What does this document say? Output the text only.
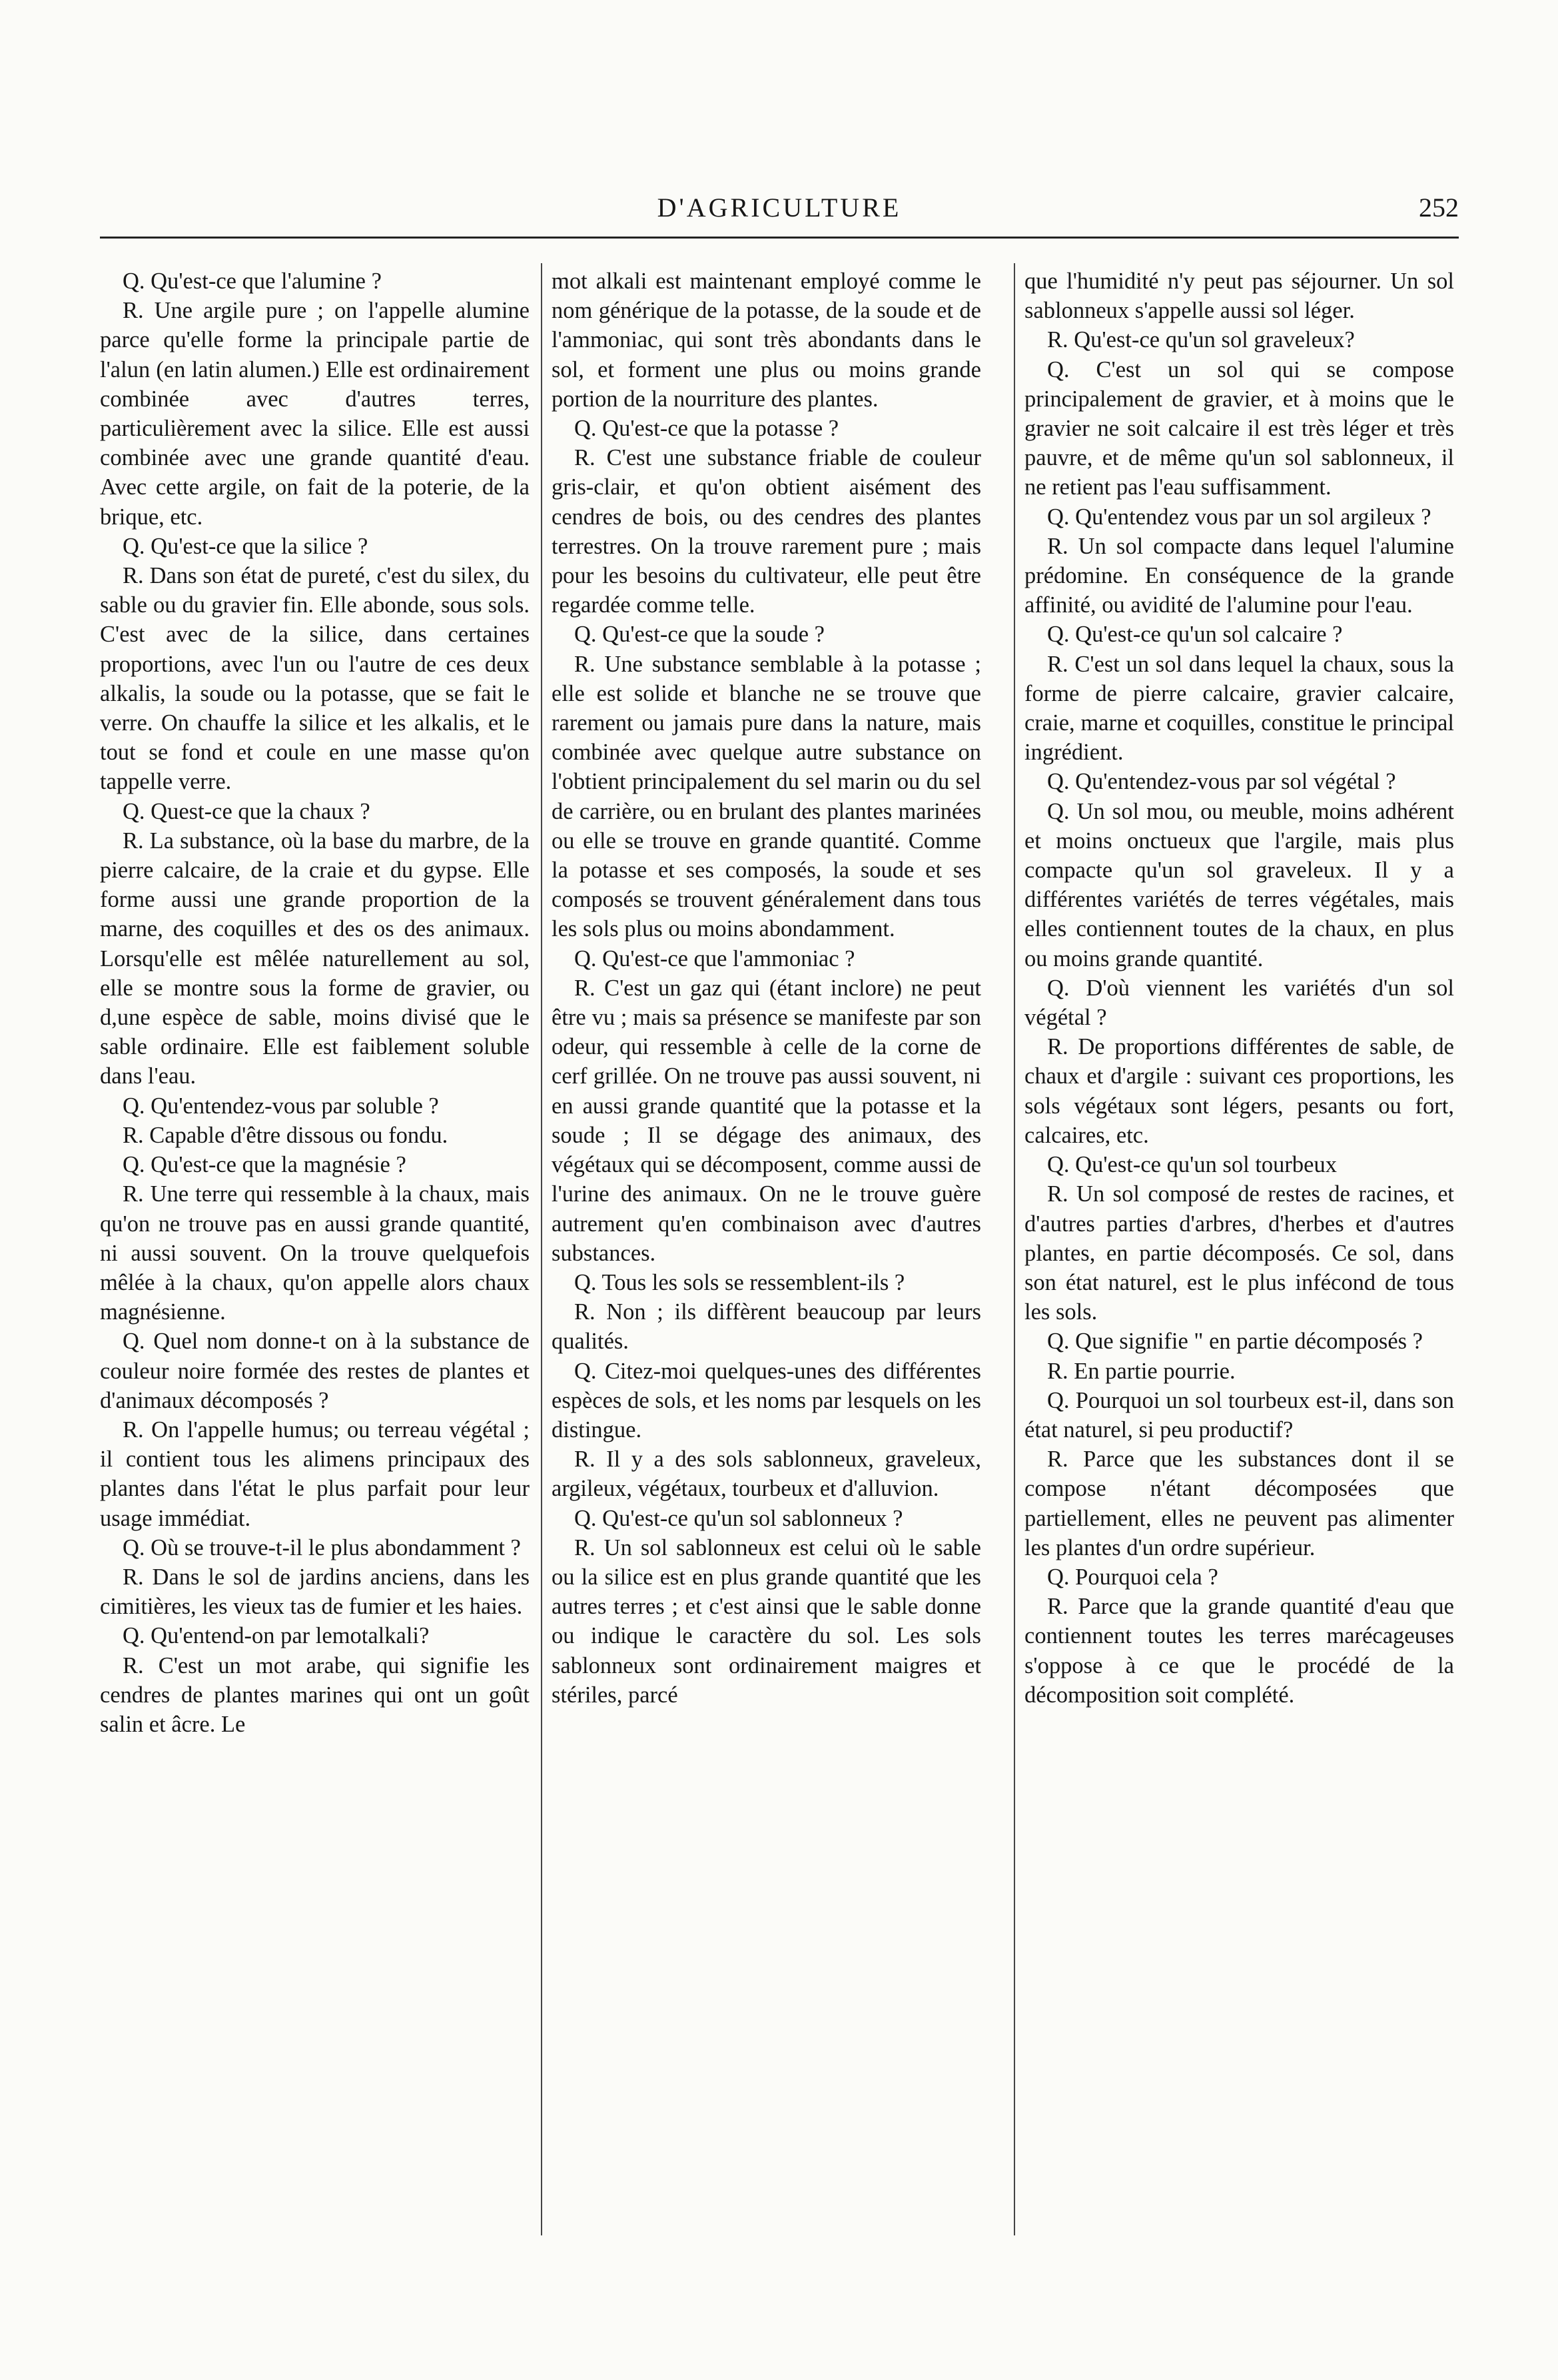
D'AGRICULTURE	252

Q. Qu'est-ce que l'alumine ?

R. Une argile pure ; on l'appelle alumine parce qu'elle forme la principale partie de l'alun (en latin alumen.) Elle est ordinairement combinée avec d'autres terres, particulièrement avec la silice. Elle est aussi combinée avec une grande quantité d'eau. Avec cette argile, on fait de la poterie, de la brique, etc.

Q. Qu'est-ce que la silice ?

R. Dans son état de pureté, c'est du silex, du sable ou du gravier fin. Elle abonde, sous sols. C'est avec de la silice, dans certaines proportions, avec l'un ou l'autre de ces deux alkalis, la soude ou la potasse, que se fait le verre. On chauffe la silice et les alkalis, et le tout se fond et coule en une masse qu'on tappelle verre.

Q. Quest-ce que la chaux ?

R. La substance, où la base du marbre, de la pierre calcaire, de la craie et du gypse. Elle forme aussi une grande proportion de la marne, des coquilles et des os des animaux. Lorsqu'elle est mêlée naturellement au sol, elle se montre sous la forme de gravier, ou d,une espèce de sable, moins divisé que le sable ordinaire. Elle est faiblement soluble dans l'eau.

Q. Qu'entendez-vous par soluble ?

R. Capable d'être dissous ou fondu.

Q. Qu'est-ce que la magnésie ?

R. Une terre qui ressemble à la chaux, mais qu'on ne trouve pas en aussi grande quantité, ni aussi souvent. On la trouve quelquefois mêlée à la chaux, qu'on appelle alors chaux magnésienne.

Q. Quel nom donne-t on à la substance de couleur noire formée des restes de plantes et d'animaux décomposés ?

R. On l'appelle humus; ou terreau végétal ; il contient tous les alimens principaux des plantes dans l'état le plus parfait pour leur usage immédiat.

Q. Où se trouve-t-il le plus abondamment ?

R. Dans le sol de jardins anciens, dans les cimitières, les vieux tas de fumier et les haies.

Q. Qu'entend-on par lemotalkali?

R. C'est un mot arabe, qui signifie les cendres de plantes marines qui ont un goût salin et âcre. Le

mot alkali est maintenant employé comme le nom générique de la potasse, de la soude et de l'ammoniac, qui sont très abondants dans le sol, et forment une plus ou moins grande portion de la nourriture des plantes.

Q. Qu'est-ce que la potasse ?

R. C'est une substance friable de couleur gris-clair, et qu'on obtient aisément des cendres de bois, ou des cendres des plantes terrestres. On la trouve rarement pure ; mais pour les besoins du cultivateur, elle peut être regardée comme telle.

Q. Qu'est-ce que la soude ?

R. Une substance semblable à la potasse ; elle est solide et blanche ne se trouve que rarement ou jamais pure dans la nature, mais combinée avec quelque autre substance on l'obtient principalement du sel marin ou du sel de carrière, ou en brulant des plantes marinées ou elle se trouve en grande quantité. Comme la potasse et ses composés, la soude et ses composés se trouvent généralement dans tous les sols plus ou moins abondamment.

Q. Qu'est-ce que l'ammoniac ?

R. C'est un gaz qui (étant inclore) ne peut être vu ; mais sa présence se manifeste par son odeur, qui ressemble à celle de la corne de cerf grillée. On ne trouve pas aussi souvent, ni en aussi grande quantité que la potasse et la soude ; Il se dégage des animaux, des végétaux qui se décomposent, comme aussi de l'urine des animaux. On ne le trouve guère autrement qu'en combinaison avec d'autres substances.

Q. Tous les sols se ressemblent-ils ?

R. Non ; ils diffèrent beaucoup par leurs qualités.

Q. Citez-moi quelques-unes des différentes espèces de sols, et les noms par lesquels on les distingue.

R. Il y a des sols sablonneux, graveleux, argileux, végétaux, tourbeux et d'alluvion.

Q. Qu'est-ce qu'un sol sablonneux ?

R. Un sol sablonneux est celui où le sable ou la silice est en plus grande quantité que les autres terres ; et c'est ainsi que le sable donne ou indique le caractère du sol. Les sols sablonneux sont ordinairement maigres et stériles, parcé

que l'humidité n'y peut pas séjourner. Un sol sablonneux s'appelle aussi sol léger.

R. Qu'est-ce qu'un sol graveleux?

Q. C'est un sol qui se compose principalement de gravier, et à moins que le gravier ne soit calcaire il est très léger et très pauvre, et de même qu'un sol sablonneux, il ne retient pas l'eau suffisamment.

Q. Qu'entendez vous par un sol argileux ?

R. Un sol compacte dans lequel l'alumine prédomine. En conséquence de la grande affinité, ou avidité de l'alumine pour l'eau.

Q. Qu'est-ce qu'un sol calcaire ?

R. C'est un sol dans lequel la chaux, sous la forme de pierre calcaire, gravier calcaire, craie, marne et coquilles, constitue le principal ingrédient.

Q. Qu'entendez-vous par sol végétal ?

Q. Un sol mou, ou meuble, moins adhérent et moins onctueux que l'argile, mais plus compacte qu'un sol graveleux. Il y a différentes variétés de terres végétales, mais elles contiennent toutes de la chaux, en plus ou moins grande quantité.

Q. D'où viennent les variétés d'un sol végétal ?

R. De proportions différentes de sable, de chaux et d'argile : suivant ces proportions, les sols végétaux sont légers, pesants ou fort, calcaires, etc.

Q. Qu'est-ce qu'un sol tourbeux

R. Un sol composé de restes de racines, et d'autres parties d'arbres, d'herbes et d'autres plantes, en partie décomposés. Ce sol, dans son état naturel, est le plus infécond de tous les sols.

Q. Que signifie " en partie décomposés ?

R. En partie pourrie.

Q. Pourquoi un sol tourbeux est-il, dans son état naturel, si peu productif?

R. Parce que les substances dont il se compose n'étant décomposées que partiellement, elles ne peuvent pas alimenter les plantes d'un ordre supérieur.

Q. Pourquoi cela ?

R. Parce que la grande quantité d'eau que contiennent toutes les terres marécageuses s'oppose à ce que le procédé de la décomposition soit complété.
